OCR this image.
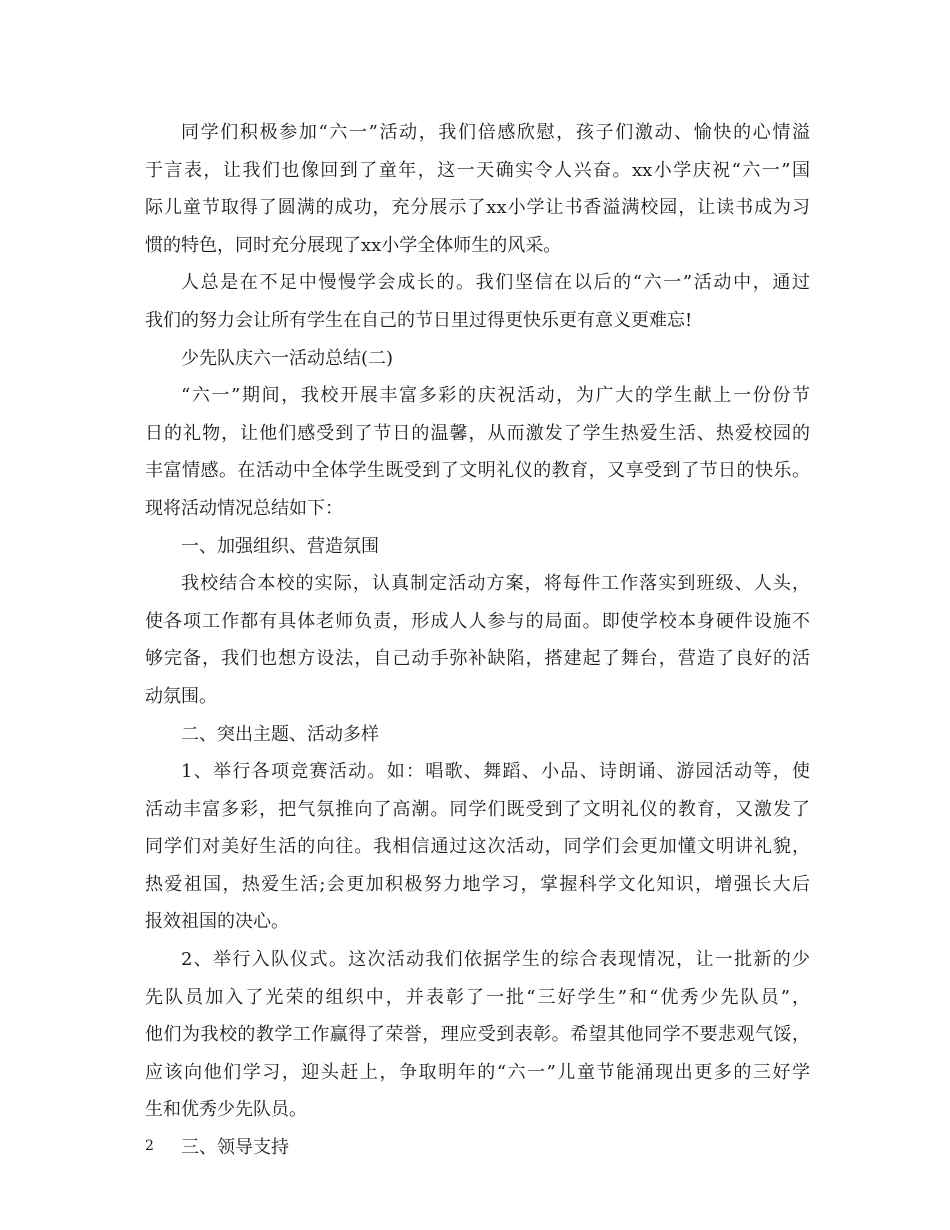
同学们积极参加“六一”活动，我们倍感欣慰，孩子们激动、愉快的心情溢
于言表，让我们也像回到了童年，这一天确实令人兴奋。xx小学庆祝“六一”国
际儿童节取得了圆满的成功，充分展示了xx小学让书香溢满校园，让读书成为习
惯的特色，同时充分展现了xx小学全体师生的风采。
人总是在不足中慢慢学会成长的。我们坚信在以后的“六一”活动中，通过
我们的努力会让所有学生在自己的节日里过得更快乐更有意义更难忘!
少先队庆六一活动总结(二)
“六一”期间，我校开展丰富多彩的庆祝活动，为广大的学生献上一份份节
日的礼物，让他们感受到了节日的温馨，从而激发了学生热爱生活、热爱校园的
丰富情感。在活动中全体学生既受到了文明礼仪的教育，又享受到了节日的快乐。
现将活动情况总结如下：
一、加强组织、营造氛围
我校结合本校的实际，认真制定活动方案，将每件工作落实到班级、人头，
使各项工作都有具体老师负责，形成人人参与的局面。即使学校本身硬件设施不
够完备，我们也想方设法，自己动手弥补缺陷，搭建起了舞台，营造了良好的活
动氛围。
二、突出主题、活动多样
1、举行各项竞赛活动。如：唱歌、舞蹈、小品、诗朗诵、游园活动等，使
活动丰富多彩，把气氛推向了高潮。同学们既受到了文明礼仪的教育，又激发了
同学们对美好生活的向往。我相信通过这次活动，同学们会更加懂文明讲礼貌，
热爱祖国，热爱生活;会更加积极努力地学习，掌握科学文化知识，增强长大后
报效祖国的决心。
2、举行入队仪式。这次活动我们依据学生的综合表现情况，让一批新的少
先队员加入了光荣的组织中，并表彰了一批“三好学生”和“优秀少先队员”，
他们为我校的教学工作赢得了荣誉，理应受到表彰。希望其他同学不要悲观气馁，
应该向他们学习，迎头赶上，争取明年的“六一”儿童节能涌现出更多的三好学
生和优秀少先队员。
三、领导支持
2
